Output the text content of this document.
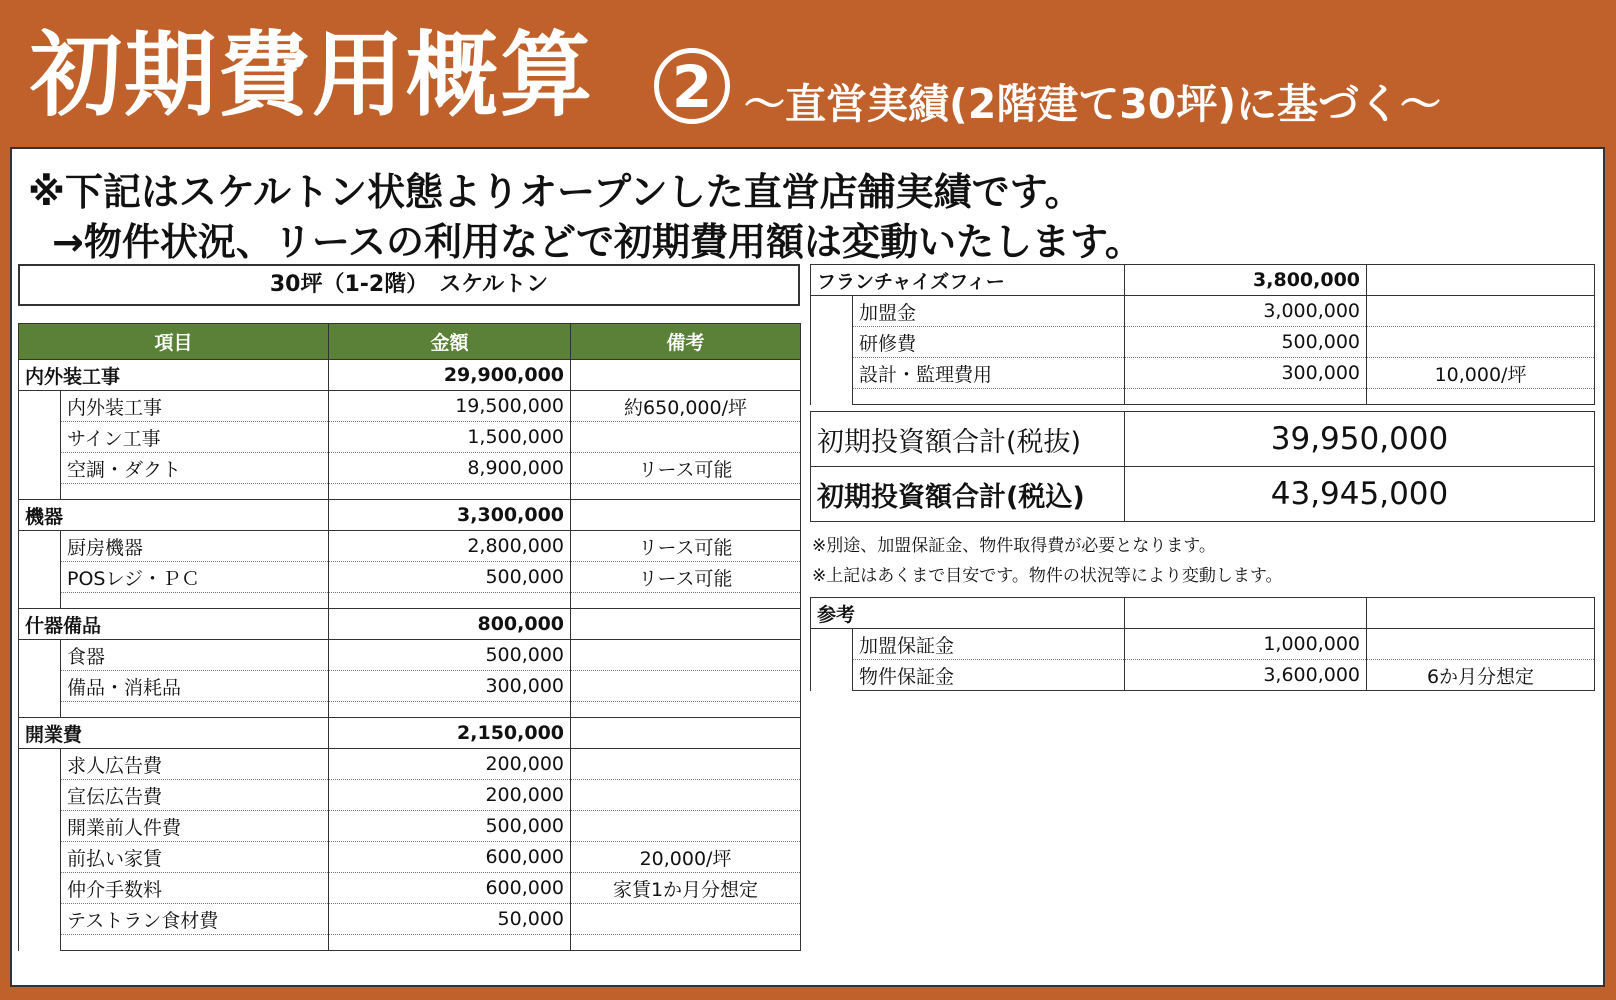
初期費用概算	2 ～直営実績(2階建て30坪)に基づく～
※下記はスケルトン状態よりオープンした直営店舗実績です。
→物件状況、リースの利用などで初期費用額は変動いたします。
30坪（1-2階）　スケルトン
項目		金額	備考
内外装工事		29,900,000	
	内外装工事	19,500,000	約650,000/坪
	サイン工事	1,500,000	
	空調・ダクト	8,900,000	リース可能

機器		3,300,000	
	厨房機器	2,800,000	リース可能
	POSレジ・ＰＣ	500,000	リース可能

什器備品		800,000	
	食器	500,000	
	備品・消耗品	300,000	

開業費		2,150,000	
	求人広告費	200,000	
	宣伝広告費	200,000	
	開業前人件費	500,000	
	前払い家賃	600,000	20,000/坪
	仲介手数料	600,000	家賃1か月分想定
	テストラン食材費	50,000	

フランチャイズフィー		3,800,000	
	加盟金	3,000,000	
	研修費	500,000	
	設計・監理費用	300,000	10,000/坪

初期投資額合計(税抜)	39,950,000
初期投資額合計(税込)	43,945,000
※別途、加盟保証金、物件取得費が必要となります。
※上記はあくまで目安です。物件の状況等により変動します。
参考			
	加盟保証金	1,000,000	
	物件保証金	3,600,000	6か月分想定
